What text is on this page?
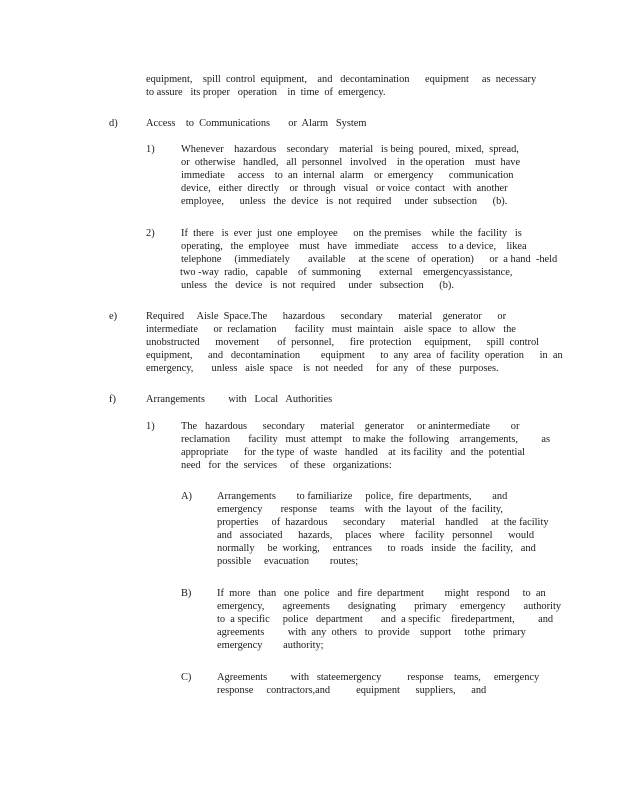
equipment,    spill  control  equipment,    and   decontamination      equipment     as  necessary
to assure   its proper   operation    in  time  of  emergency.
d)	Access    to  Communications       or  Alarm   System
1)	Whenever    hazardous    secondary    material   is being  poured,  mixed,  spread,
or  otherwise   handled,   all  personnel   involved    in  the operation    must  have
immediate     access    to  an  internal  alarm    or  emergency      communication
device,   either  directly    or  through   visual   or voice  contact   with  another
employee,      unless   the  device   is  not  required     under  subsection      (b).
2)	If  there   is  ever  just  one  employee      on  the premises    while  the  facility   is
operating,   the  employee    must   have   immediate     access    to a device,    likea
telephone     (immediately       available     at  the scene   of  operation)      or  a hand  -held
two -way  radio,   capable    of  summoning       external    emergencyassistance,
unless   the   device   is  not  required     under   subsection      (b).
e)	Required     Aisle  Space.The      hazardous      secondary      material    generator      or
intermediate      or  reclamation       facility   must  maintain    aisle  space   to  allow   the
unobstructed      movement       of  personnel,      fire  protection     equipment,      spill  control
equipment,      and   decontamination        equipment      to  any  area  of  facility  operation      in  an
emergency,       unless   aisle  space    is  not  needed     for  any   of  these   purposes.
f)	Arrangements         with   Local   Authorities
1)	The   hazardous      secondary      material    generator     or anintermediate        or
reclamation       facility   must  attempt    to make  the  following    arrangements,         as
appropriate      for  the type  of  waste   handled    at  its facility   and  the  potential
need   for  the  services     of  these   organizations:
A) Arrangements        to familiarize     police,  fire  departments,        and
emergency       response     teams    with  the  layout   of  the  facility,
properties     of  hazardous      secondary      material    handled     at  the facility
and   associated      hazards,     places   where    facility   personnel      would
normally     be  working,     entrances      to  roads   inside   the  facility,   and
possible     evacuation        routes;
B) If  more   than   one  police   and  fire  department        might   respond     to  an
emergency,       agreements       designating       primary     emergency       authority
to  a specific     police   department       and  a specific    firedepartment,         and
agreements         with  any  others   to  provide    support     tothe   primary
emergency        authority;
C) Agreements         with   stateemergency          response    teams,     emergency
response     contractors,and          equipment      suppliers,      and
